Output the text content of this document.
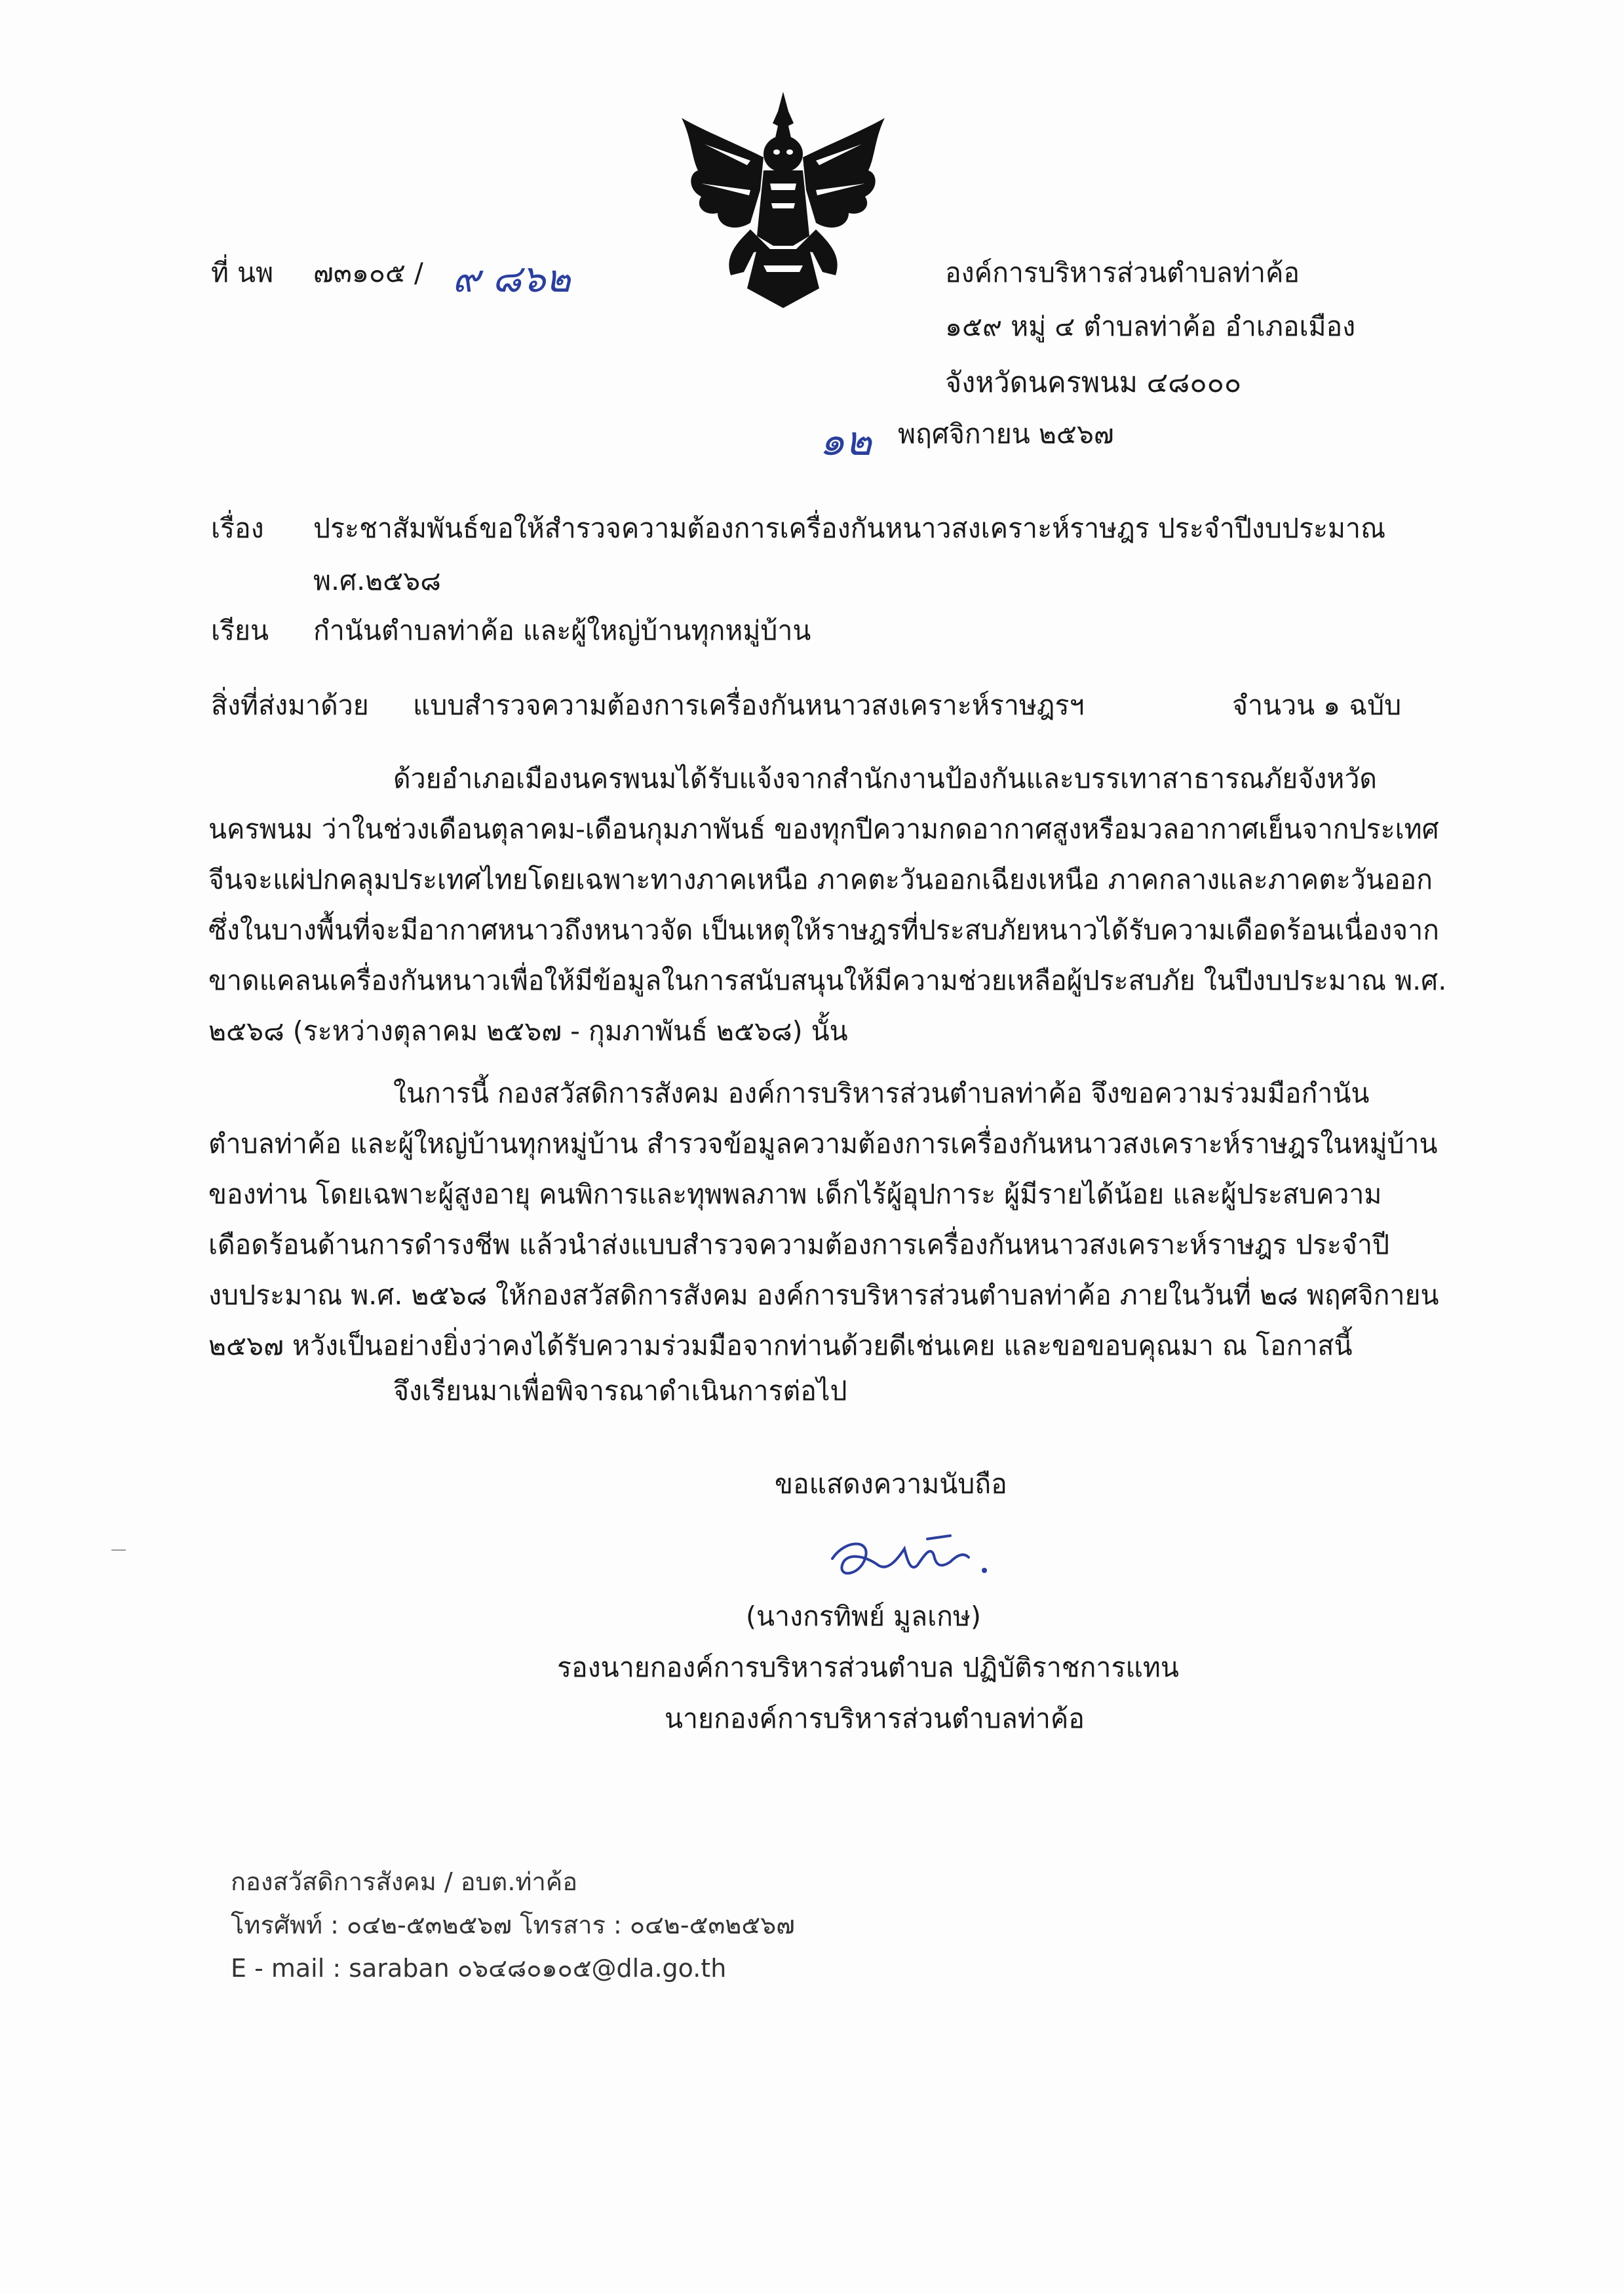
ที่ นพ ๗๓๑๐๕ / ๙ ๘๖๒	องค์การบริหารส่วนตำบลท่าค้อ
๑๕๙ หมู่ ๔ ตำบลท่าค้อ อำเภอเมือง
จังหวัดนครพนม ๔๘๐๐๐
๑๒ พฤศจิกายน ๒๕๖๗
เรื่อง ประชาสัมพันธ์ขอให้สำรวจความต้องการเครื่องกันหนาวสงเคราะห์ราษฎร ประจำปีงบประมาณ
พ.ศ.๒๕๖๘
เรียน กำนันตำบลท่าค้อ และผู้ใหญ่บ้านทุกหมู่บ้าน
สิ่งที่ส่งมาด้วย แบบสำรวจความต้องการเครื่องกันหนาวสงเคราะห์ราษฎรฯ	จำนวน ๑ ฉบับ
ด้วยอำเภอเมืองนครพนมได้รับแจ้งจากสำนักงานป้องกันและบรรเทาสาธารณภัยจังหวัด
นครพนม ว่าในช่วงเดือนตุลาคม-เดือนกุมภาพันธ์ ของทุกปีความกดอากาศสูงหรือมวลอากาศเย็นจากประเทศ
จีนจะแผ่ปกคลุมประเทศไทยโดยเฉพาะทางภาคเหนือ ภาคตะวันออกเฉียงเหนือ ภาคกลางและภาคตะวันออก
ซึ่งในบางพื้นที่จะมีอากาศหนาวถึงหนาวจัด เป็นเหตุให้ราษฎรที่ประสบภัยหนาวได้รับความเดือดร้อนเนื่องจาก
ขาดแคลนเครื่องกันหนาวเพื่อให้มีข้อมูลในการสนับสนุนให้มีความช่วยเหลือผู้ประสบภัย ในปีงบประมาณ พ.ศ.
๒๕๖๘ (ระหว่างตุลาคม ๒๕๖๗ - กุมภาพันธ์ ๒๕๖๘) นั้น
ในการนี้ กองสวัสดิการสังคม องค์การบริหารส่วนตำบลท่าค้อ จึงขอความร่วมมือกำนัน
ตำบลท่าค้อ และผู้ใหญ่บ้านทุกหมู่บ้าน สำรวจข้อมูลความต้องการเครื่องกันหนาวสงเคราะห์ราษฎรในหมู่บ้าน
ของท่าน โดยเฉพาะผู้สูงอายุ คนพิการและทุพพลภาพ เด็กไร้ผู้อุปการะ ผู้มีรายได้น้อย และผู้ประสบความ
เดือดร้อนด้านการดำรงชีพ แล้วนำส่งแบบสำรวจความต้องการเครื่องกันหนาวสงเคราะห์ราษฎร ประจำปี
งบประมาณ พ.ศ. ๒๕๖๘ ให้กองสวัสดิการสังคม องค์การบริหารส่วนตำบลท่าค้อ ภายในวันที่ ๒๘ พฤศจิกายน
๒๕๖๗ หวังเป็นอย่างยิ่งว่าคงได้รับความร่วมมือจากท่านด้วยดีเช่นเคย และขอขอบคุณมา ณ โอกาสนี้
จึงเรียนมาเพื่อพิจารณาดำเนินการต่อไป
ขอแสดงความนับถือ
(นางกรทิพย์ มูลเกษ)
รองนายกองค์การบริหารส่วนตำบล ปฏิบัติราชการแทน
นายกองค์การบริหารส่วนตำบลท่าค้อ
กองสวัสดิการสังคม / อบต.ท่าค้อ
โทรศัพท์ : ๐๔๒-๕๓๒๕๖๗ โทรสาร : ๐๔๒-๕๓๒๕๖๗
E - mail : saraban ๐๖๔๘๐๑๐๕@dla.go.th
